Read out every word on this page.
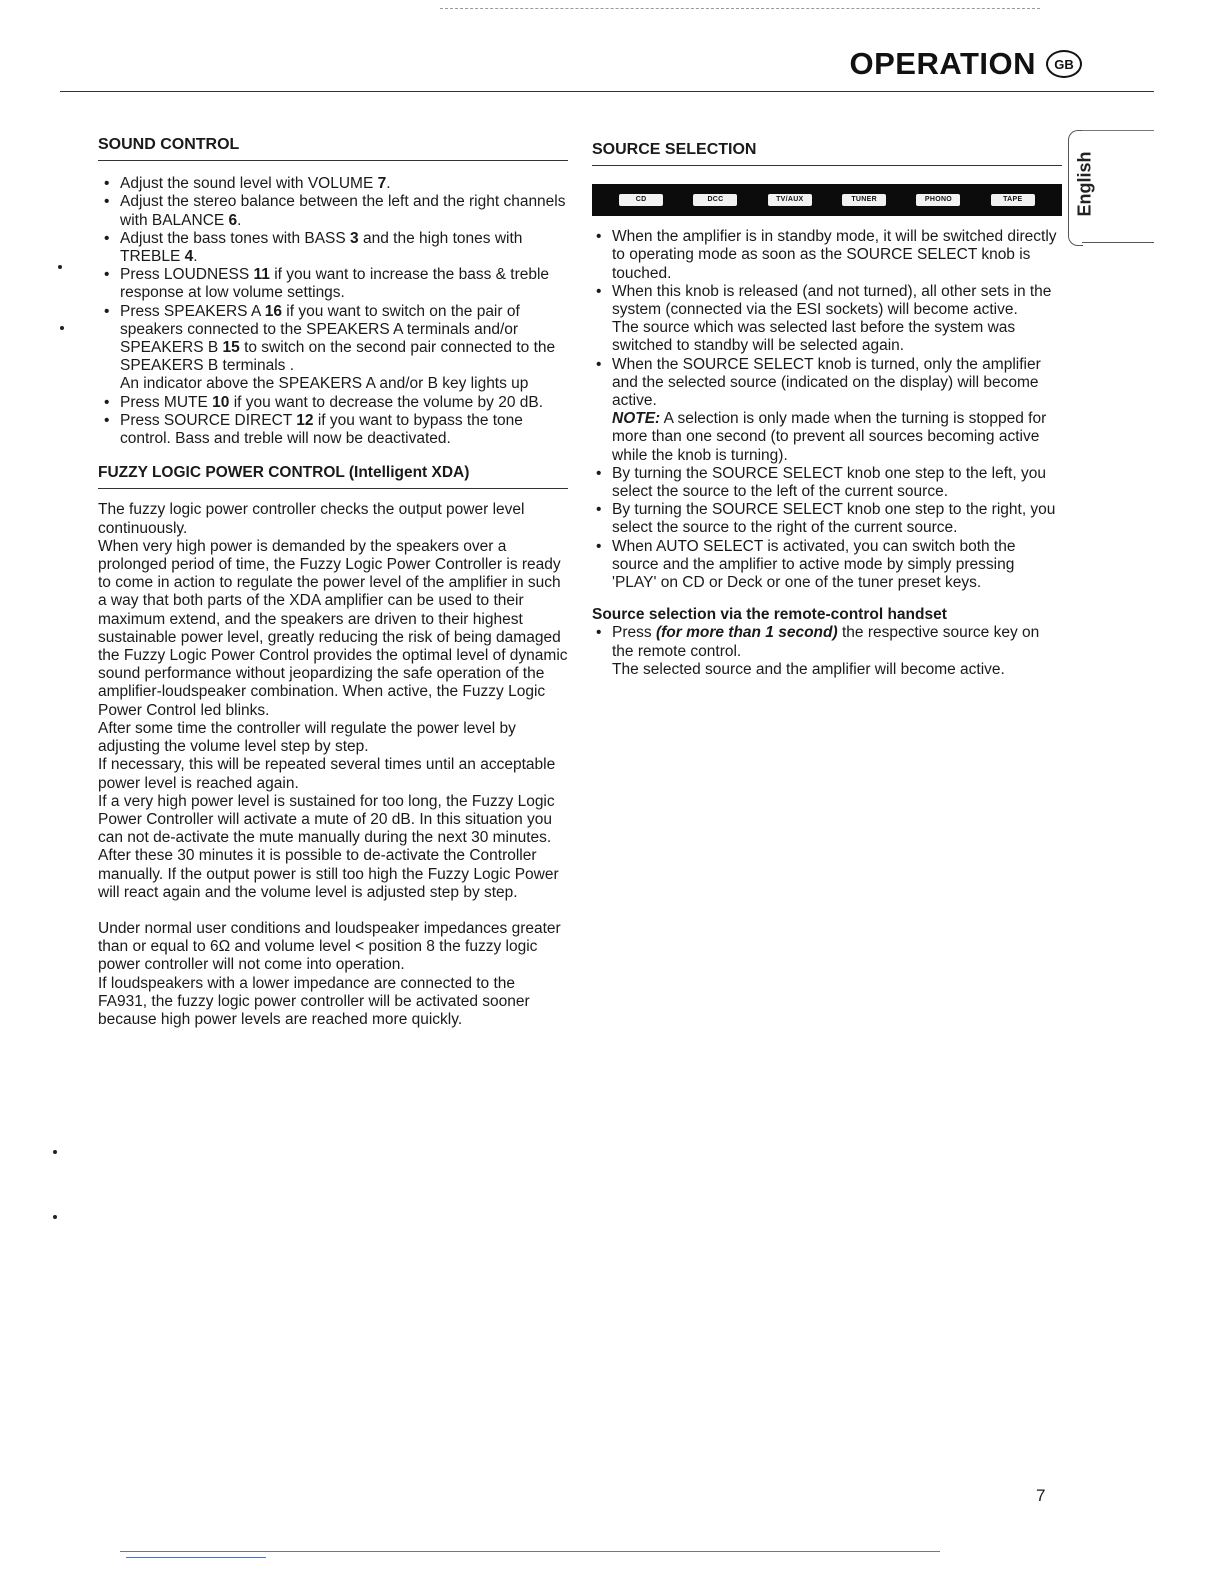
OPERATION	GB
English
SOUND CONTROL
• Adjust the sound level with VOLUME 7.
• Adjust the stereo balance between the left and the right channels with BALANCE 6.
• Adjust the bass tones with BASS 3 and the high tones with TREBLE 4.
• Press LOUDNESS 11 if you want to increase the bass & treble response at low volume settings.
• Press SPEAKERS A 16 if you want to switch on the pair of speakers connected to the SPEAKERS A terminals and/or SPEAKERS B 15 to switch on the second pair connected to the SPEAKERS B terminals .

An indicator above the SPEAKERS A and/or B key lights up

• Press MUTE 10 if you want to decrease the volume by 20 dB.
• Press SOURCE DIRECT 12 if you want to bypass the tone control. Bass and treble will now be deactivated.
FUZZY LOGIC POWER CONTROL (Intelligent XDA)

The fuzzy logic power controller checks the output power level continuously.

When very high power is demanded by the speakers over a prolonged period of time, the Fuzzy Logic Power Controller is ready to come in action to regulate the power level of the amplifier in such a way that both parts of the XDA amplifier can be used to their maximum extend, and the speakers are driven to their highest sustainable power level, greatly reducing the risk of being damaged the Fuzzy Logic Power Control provides the optimal level of dynamic sound performance without jeopardizing the safe operation of the amplifier-loudspeaker combination. When active, the Fuzzy Logic Power Control led blinks.

After some time the controller will regulate the power level by adjusting the volume level step by step.

If necessary, this will be repeated several times until an acceptable power level is reached again.

If a very high power level is sustained for too long, the Fuzzy Logic Power Controller will activate a mute of 20 dB. In this situation you can not de-activate the mute manually during the next 30 minutes.

After these 30 minutes it is possible to de-activate the Controller manually. If the output power is still too high the Fuzzy Logic Power will react again and the volume level is adjusted step by step.

Under normal user conditions and loudspeaker impedances greater than or equal to 6Ω and volume level < position 8 the fuzzy logic power controller will not come into operation.

If loudspeakers with a lower impedance are connected to the FA931, the fuzzy logic power controller will be activated sooner because high power levels are reached more quickly.

SOURCE SELECTION
CD	DCC	TV/AUX	TUNER	PHONO	TAPE
• When the amplifier is in standby mode, it will be switched directly to operating mode as soon as the SOURCE SELECT knob is touched.
• When this knob is released (and not turned), all other sets in the system (connected via the ESI sockets) will become active.

The source which was selected last before the system was switched to standby will be selected again.

• When the SOURCE SELECT knob is turned, only the amplifier and the selected source (indicated on the display) will become active.

NOTE: A selection is only made when the turning is stopped for more than one second (to prevent all sources becoming active while the knob is turning).

• By turning the SOURCE SELECT knob one step to the left, you select the source to the left of the current source.
• By turning the SOURCE SELECT knob one step to the right, you select the source to the right of the current source.
• When AUTO SELECT is activated, you can switch both the source and the amplifier to active mode by simply pressing 'PLAY' on CD or Deck or one of the tuner preset keys.
Source selection via the remote-control handset
• Press (for more than 1 second) the respective source key on the remote control.

The selected source and the amplifier will become active.

7
